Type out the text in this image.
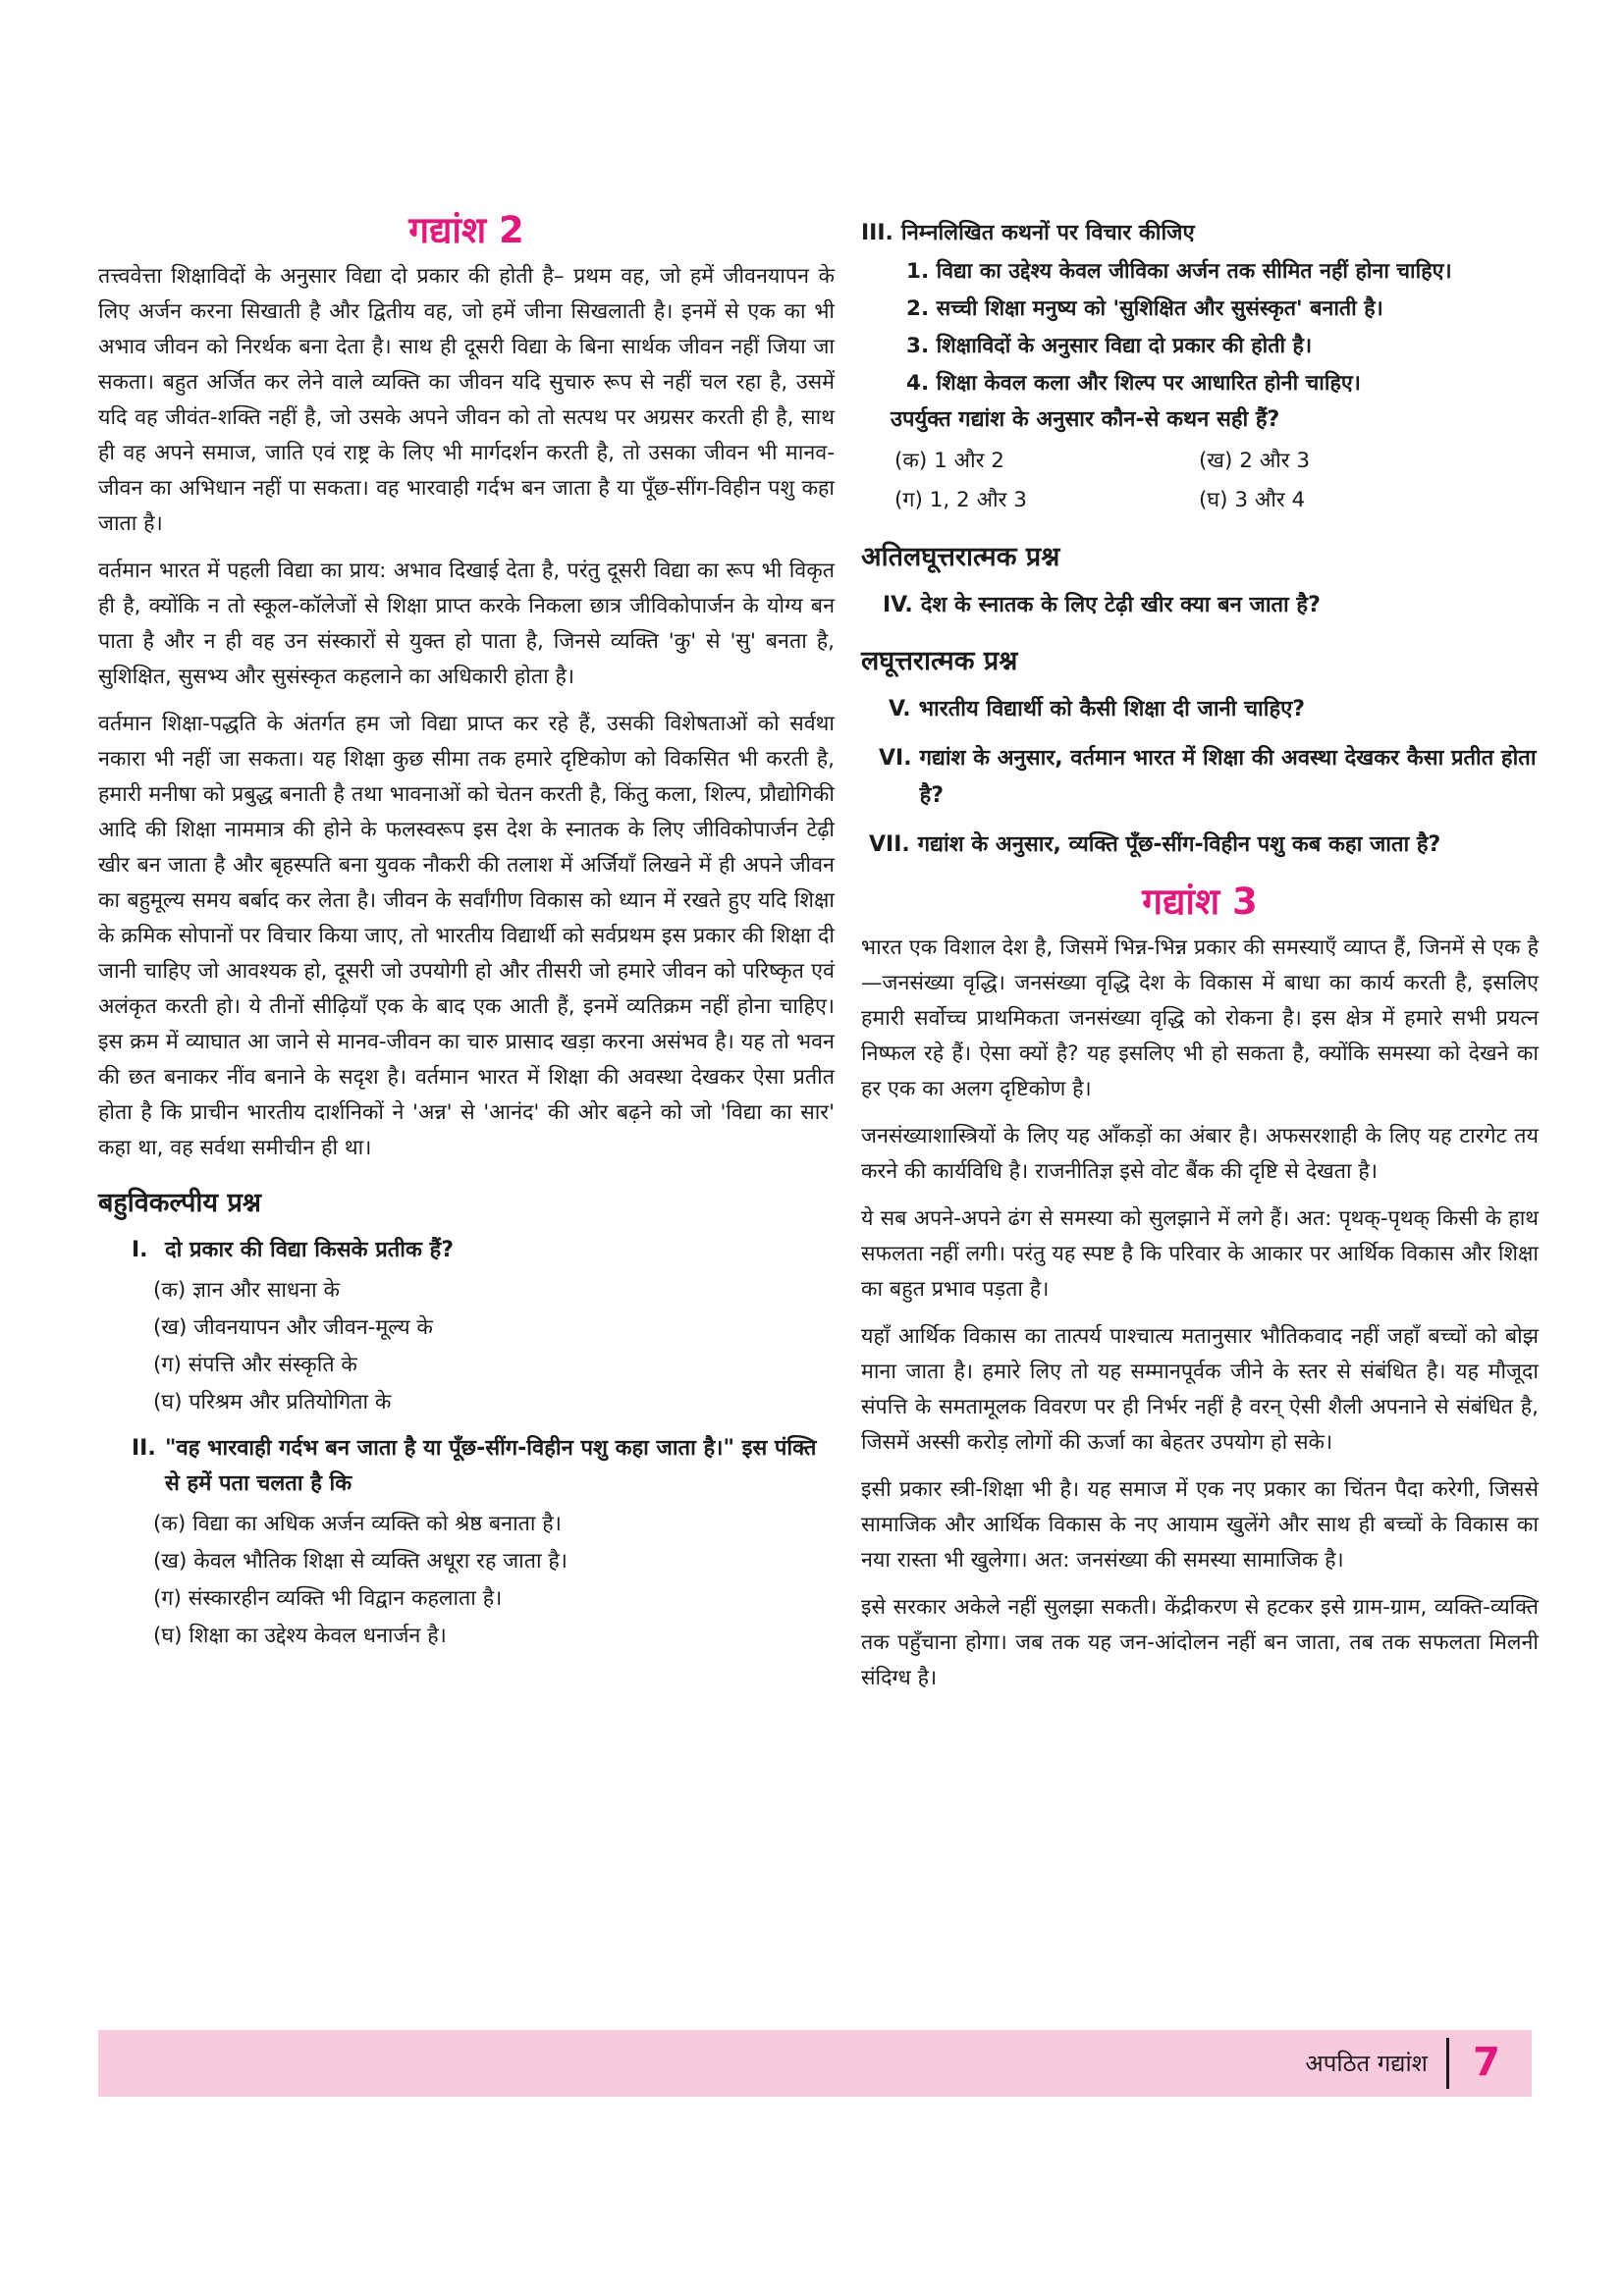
गद्यांश 2

तत्त्ववेत्ता शिक्षाविदों के अनुसार विद्या दो प्रकार की होती है– प्रथम वह, जो हमें जीवनयापन के लिए अर्जन करना सिखाती है और द्वितीय वह, जो हमें जीना सिखलाती है। इनमें से एक का भी अभाव जीवन को निरर्थक बना देता है। साथ ही दूसरी विद्या के बिना सार्थक जीवन नहीं जिया जा सकता। बहुत अर्जित कर लेने वाले व्यक्ति का जीवन यदि सुचारु रूप से नहीं चल रहा है, उसमें यदि वह जीवंत-शक्ति नहीं है, जो उसके अपने जीवन को तो सत्पथ पर अग्रसर करती ही है, साथ ही वह अपने समाज, जाति एवं राष्ट्र के लिए भी मार्गदर्शन करती है, तो उसका जीवन भी मानव-जीवन का अभिधान नहीं पा सकता। वह भारवाही गर्दभ बन जाता है या पूँछ-सींग-विहीन पशु कहा जाता है।

वर्तमान भारत में पहली विद्या का प्राय: अभाव दिखाई देता है, परंतु दूसरी विद्या का रूप भी विकृत ही है, क्योंकि न तो स्कूल-कॉलेजों से शिक्षा प्राप्त करके निकला छात्र जीविकोपार्जन के योग्य बन पाता है और न ही वह उन संस्कारों से युक्त हो पाता है, जिनसे व्यक्ति 'कु' से 'सु' बनता है, सुशिक्षित, सुसभ्य और सुसंस्कृत कहलाने का अधिकारी होता है।

वर्तमान शिक्षा-पद्धति के अंतर्गत हम जो विद्या प्राप्त कर रहे हैं, उसकी विशेषताओं को सर्वथा नकारा भी नहीं जा सकता। यह शिक्षा कुछ सीमा तक हमारे दृष्टिकोण को विकसित भी करती है, हमारी मनीषा को प्रबुद्ध बनाती है तथा भावनाओं को चेतन करती है, किंतु कला, शिल्प, प्रौद्योगिकी आदि की शिक्षा नाममात्र की होने के फलस्वरूप इस देश के स्नातक के लिए जीविकोपार्जन टेढ़ी खीर बन जाता है और बृहस्पति बना युवक नौकरी की तलाश में अर्जियाँ लिखने में ही अपने जीवन का बहुमूल्य समय बर्बाद कर लेता है। जीवन के सर्वांगीण विकास को ध्यान में रखते हुए यदि शिक्षा के क्रमिक सोपानों पर विचार किया जाए, तो भारतीय विद्यार्थी को सर्वप्रथम इस प्रकार की शिक्षा दी जानी चाहिए जो आवश्यक हो, दूसरी जो उपयोगी हो और तीसरी जो हमारे जीवन को परिष्कृत एवं अलंकृत करती हो। ये तीनों सीढ़ियाँ एक के बाद एक आती हैं, इनमें व्यतिक्रम नहीं होना चाहिए। इस क्रम में व्याघात आ जाने से मानव-जीवन का चारु प्रासाद खड़ा करना असंभव है। यह तो भवन की छत बनाकर नींव बनाने के सदृश है। वर्तमान भारत में शिक्षा की अवस्था देखकर ऐसा प्रतीत होता है कि प्राचीन भारतीय दार्शनिकों ने 'अन्न' से 'आनंद' की ओर बढ़ने को जो 'विद्या का सार' कहा था, वह सर्वथा समीचीन ही था।

बहुविकल्पीय प्रश्न

I. दो प्रकार की विद्या किसके प्रतीक हैं?

(क) ज्ञान और साधना के
(ख) जीवनयापन और जीवन-मूल्य के
(ग) संपत्ति और संस्कृति के
(घ) परिश्रम और प्रतियोगिता के

II. "वह भारवाही गर्दभ बन जाता है या पूँछ-सींग-विहीन पशु कहा जाता है।" इस पंक्ति से हमें पता चलता है कि

(क) विद्या का अधिक अर्जन व्यक्ति को श्रेष्ठ बनाता है।
(ख) केवल भौतिक शिक्षा से व्यक्ति अधूरा रह जाता है।
(ग) संस्कारहीन व्यक्ति भी विद्वान कहलाता है।
(घ) शिक्षा का उद्देश्य केवल धनार्जन है।

III. निम्नलिखित कथनों पर विचार कीजिए

1. विद्या का उद्देश्य केवल जीविका अर्जन तक सीमित नहीं होना चाहिए।
2. सच्ची शिक्षा मनुष्य को 'सुशिक्षित और सुसंस्कृत' बनाती है।
3. शिक्षाविदों के अनुसार विद्या दो प्रकार की होती है।
4. शिक्षा केवल कला और शिल्प पर आधारित होनी चाहिए।

उपर्युक्त गद्यांश के अनुसार कौन-से कथन सही हैं?

(क) 1 और 2	(ख) 2 और 3
(ग) 1, 2 और 3	(घ) 3 और 4
अतिलघूत्तरात्मक प्रश्न

IV. देश के स्नातक के लिए टेढ़ी खीर क्या बन जाता है?

लघूत्तरात्मक प्रश्न

V. भारतीय विद्यार्थी को कैसी शिक्षा दी जानी चाहिए?

VI. गद्यांश के अनुसार, वर्तमान भारत में शिक्षा की अवस्था देखकर कैसा प्रतीत होता है?

VII. गद्यांश के अनुसार, व्यक्ति पूँछ-सींग-विहीन पशु कब कहा जाता है?

गद्यांश 3

भारत एक विशाल देश है, जिसमें भिन्न-भिन्न प्रकार की समस्याएँ व्याप्त हैं, जिनमें से एक है—जनसंख्या वृद्धि। जनसंख्या वृद्धि देश के विकास में बाधा का कार्य करती है, इसलिए हमारी सर्वोच्च प्राथमिकता जनसंख्या वृद्धि को रोकना है। इस क्षेत्र में हमारे सभी प्रयत्न निष्फल रहे हैं। ऐसा क्यों है? यह इसलिए भी हो सकता है, क्योंकि समस्या को देखने का हर एक का अलग दृष्टिकोण है।

जनसंख्याशास्त्रियों के लिए यह आँकड़ों का अंबार है। अफसरशाही के लिए यह टारगेट तय करने की कार्यविधि है। राजनीतिज्ञ इसे वोट बैंक की दृष्टि से देखता है।

ये सब अपने-अपने ढंग से समस्या को सुलझाने में लगे हैं। अत: पृथक्-पृथक् किसी के हाथ सफलता नहीं लगी। परंतु यह स्पष्ट है कि परिवार के आकार पर आर्थिक विकास और शिक्षा का बहुत प्रभाव पड़ता है।

यहाँ आर्थिक विकास का तात्पर्य पाश्चात्य मतानुसार भौतिकवाद नहीं जहाँ बच्चों को बोझ माना जाता है। हमारे लिए तो यह सम्मानपूर्वक जीने के स्तर से संबंधित है। यह मौजूदा संपत्ति के समतामूलक विवरण पर ही निर्भर नहीं है वरन् ऐसी शैली अपनाने से संबंधित है, जिसमें अस्सी करोड़ लोगों की ऊर्जा का बेहतर उपयोग हो सके।

इसी प्रकार स्त्री-शिक्षा भी है। यह समाज में एक नए प्रकार का चिंतन पैदा करेगी, जिससे सामाजिक और आर्थिक विकास के नए आयाम खुलेंगे और साथ ही बच्चों के विकास का नया रास्ता भी खुलेगा। अत: जनसंख्या की समस्या सामाजिक है।

इसे सरकार अकेले नहीं सुलझा सकती। केंद्रीकरण से हटकर इसे ग्राम-ग्राम, व्यक्ति-व्यक्ति तक पहुँचाना होगा। जब तक यह जन-आंदोलन नहीं बन जाता, तब तक सफलता मिलनी संदिग्ध है।

अपठित गद्यांश 7
